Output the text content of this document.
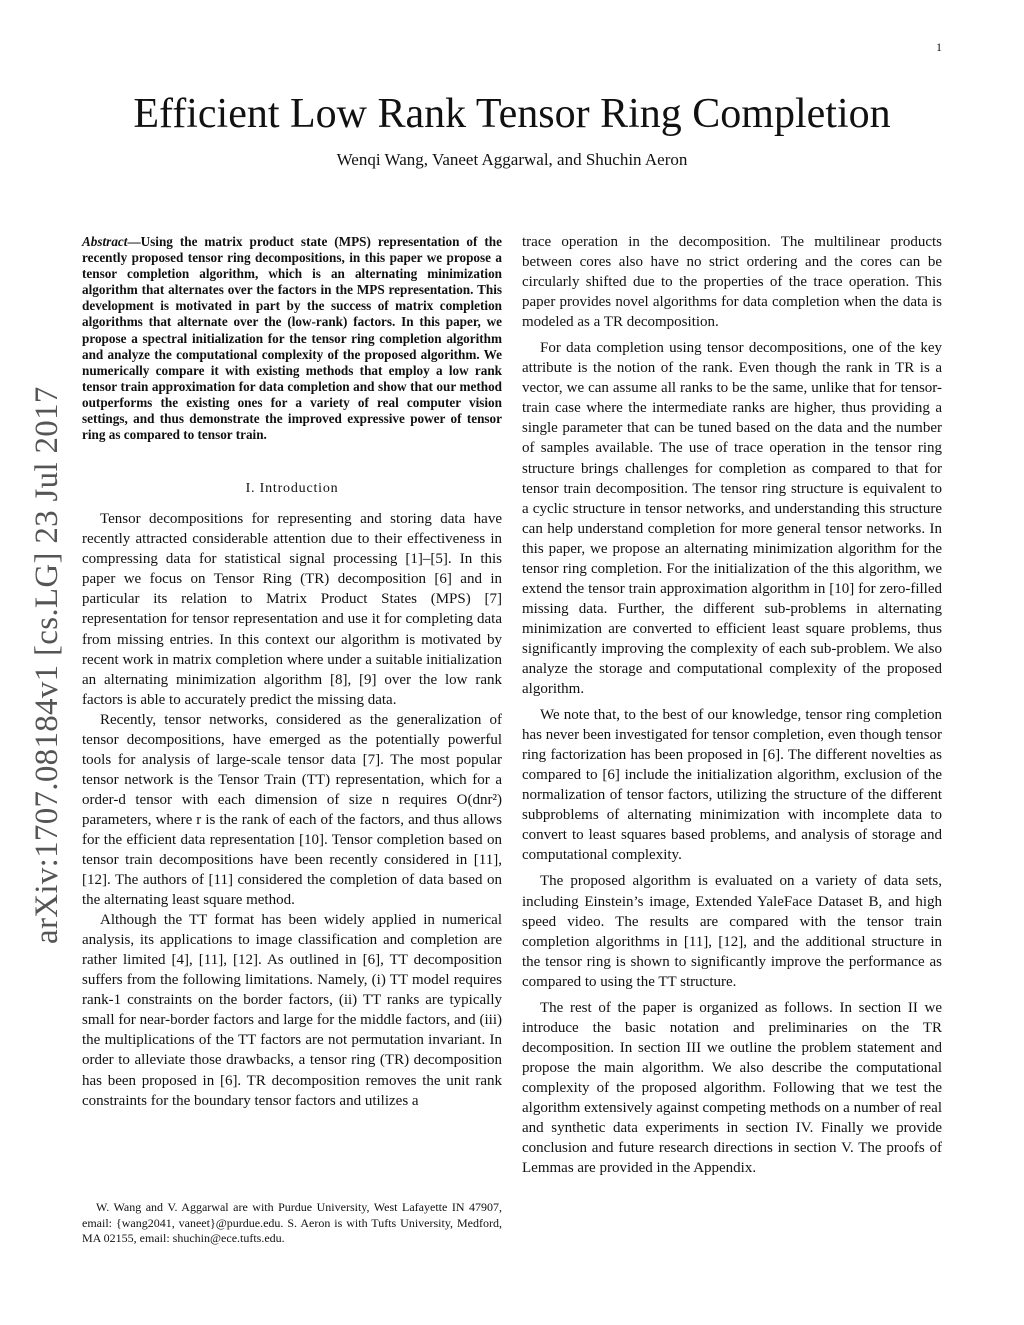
1
arXiv:1707.08184v1 [cs.LG] 23 Jul 2017
Efficient Low Rank Tensor Ring Completion
Wenqi Wang, Vaneet Aggarwal, and Shuchin Aeron

Abstract—Using the matrix product state (MPS) representation of the recently proposed tensor ring decompositions, in this paper we propose a tensor completion algorithm, which is an alternating minimization algorithm that alternates over the factors in the MPS representation. This development is motivated in part by the success of matrix completion algorithms that alternate over the (low-rank) factors. In this paper, we propose a spectral initialization for the tensor ring completion algorithm and analyze the computational complexity of the proposed algorithm. We numerically compare it with existing methods that employ a low rank tensor train approximation for data completion and show that our method outperforms the existing ones for a variety of real computer vision settings, and thus demonstrate the improved expressive power of tensor ring as compared to tensor train.

I. Introduction

Tensor decompositions for representing and storing data have recently attracted considerable attention due to their effectiveness in compressing data for statistical signal processing [1]–[5]. In this paper we focus on Tensor Ring (TR) decomposition [6] and in particular its relation to Matrix Product States (MPS) [7] representation for tensor representation and use it for completing data from missing entries. In this context our algorithm is motivated by recent work in matrix completion where under a suitable initialization an alternating minimization algorithm [8], [9] over the low rank factors is able to accurately predict the missing data.

Recently, tensor networks, considered as the generalization of tensor decompositions, have emerged as the potentially powerful tools for analysis of large-scale tensor data [7]. The most popular tensor network is the Tensor Train (TT) representation, which for a order-d tensor with each dimension of size n requires O(dnr²) parameters, where r is the rank of each of the factors, and thus allows for the efficient data representation [10]. Tensor completion based on tensor train decompositions have been recently considered in [11], [12]. The authors of [11] considered the completion of data based on the alternating least square method.

Although the TT format has been widely applied in numerical analysis, its applications to image classification and completion are rather limited [4], [11], [12]. As outlined in [6], TT decomposition suffers from the following limitations. Namely, (i) TT model requires rank-1 constraints on the border factors, (ii) TT ranks are typically small for near-border factors and large for the middle factors, and (iii) the multiplications of the TT factors are not permutation invariant. In order to alleviate those drawbacks, a tensor ring (TR) decomposition has been proposed in [6]. TR decomposition removes the unit rank constraints for the boundary tensor factors and utilizes a

W. Wang and V. Aggarwal are with Purdue University, West Lafayette IN 47907, email: {wang2041, vaneet}@purdue.edu. S. Aeron is with Tufts University, Medford, MA 02155, email: shuchin@ece.tufts.edu.

trace operation in the decomposition. The multilinear products between cores also have no strict ordering and the cores can be circularly shifted due to the properties of the trace operation. This paper provides novel algorithms for data completion when the data is modeled as a TR decomposition.

For data completion using tensor decompositions, one of the key attribute is the notion of the rank. Even though the rank in TR is a vector, we can assume all ranks to be the same, unlike that for tensor-train case where the intermediate ranks are higher, thus providing a single parameter that can be tuned based on the data and the number of samples available. The use of trace operation in the tensor ring structure brings challenges for completion as compared to that for tensor train decomposition. The tensor ring structure is equivalent to a cyclic structure in tensor networks, and understanding this structure can help understand completion for more general tensor networks. In this paper, we propose an alternating minimization algorithm for the tensor ring completion. For the initialization of the this algorithm, we extend the tensor train approximation algorithm in [10] for zero-filled missing data. Further, the different sub-problems in alternating minimization are converted to efficient least square problems, thus significantly improving the complexity of each sub-problem. We also analyze the storage and computational complexity of the proposed algorithm.

We note that, to the best of our knowledge, tensor ring completion has never been investigated for tensor completion, even though tensor ring factorization has been proposed in [6]. The different novelties as compared to [6] include the initialization algorithm, exclusion of the normalization of tensor factors, utilizing the structure of the different subproblems of alternating minimization with incomplete data to convert to least squares based problems, and analysis of storage and computational complexity.

The proposed algorithm is evaluated on a variety of data sets, including Einstein’s image, Extended YaleFace Dataset B, and high speed video. The results are compared with the tensor train completion algorithms in [11], [12], and the additional structure in the tensor ring is shown to significantly improve the performance as compared to using the TT structure.

The rest of the paper is organized as follows. In section II we introduce the basic notation and preliminaries on the TR decomposition. In section III we outline the problem statement and propose the main algorithm. We also describe the computational complexity of the proposed algorithm. Following that we test the algorithm extensively against competing methods on a number of real and synthetic data experiments in section IV. Finally we provide conclusion and future research directions in section V. The proofs of Lemmas are provided in the Appendix.
